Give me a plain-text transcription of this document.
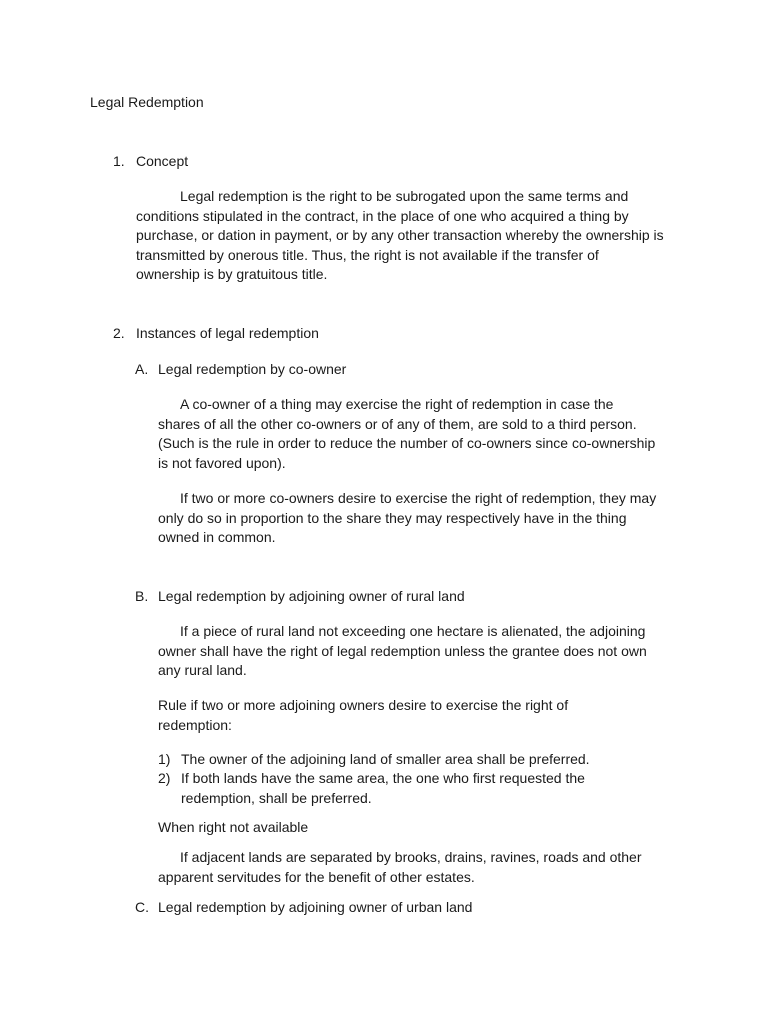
Legal Redemption
1. Concept

Legal redemption is the right to be subrogated upon the same terms and conditions stipulated in the contract, in the place of one who acquired a thing by purchase, or dation in payment, or by any other transaction whereby the ownership is transmitted by onerous title. Thus, the right is not available if the transfer of ownership is by gratuitous title.

2. Instances of legal redemption
A. Legal redemption by co-owner

A co-owner of a thing may exercise the right of redemption in case the shares of all the other co-owners or of any of them, are sold to a third person. (Such is the rule in order to reduce the number of co-owners since co-ownership is not favored upon).

If two or more co-owners desire to exercise the right of redemption, they may only do so in proportion to the share they may respectively have in the thing owned in common.

B. Legal redemption by adjoining owner of rural land

If a piece of rural land not exceeding one hectare is alienated, the adjoining owner shall have the right of legal redemption unless the grantee does not own any rural land.

Rule if two or more adjoining owners desire to exercise the right of redemption:

1) The owner of the adjoining land of smaller area shall be preferred.
2) If both lands have the same area, the one who first requested the redemption, shall be preferred.
When right not available

If adjacent lands are separated by brooks, drains, ravines, roads and other apparent servitudes for the benefit of other estates.

C. Legal redemption by adjoining owner of urban land
